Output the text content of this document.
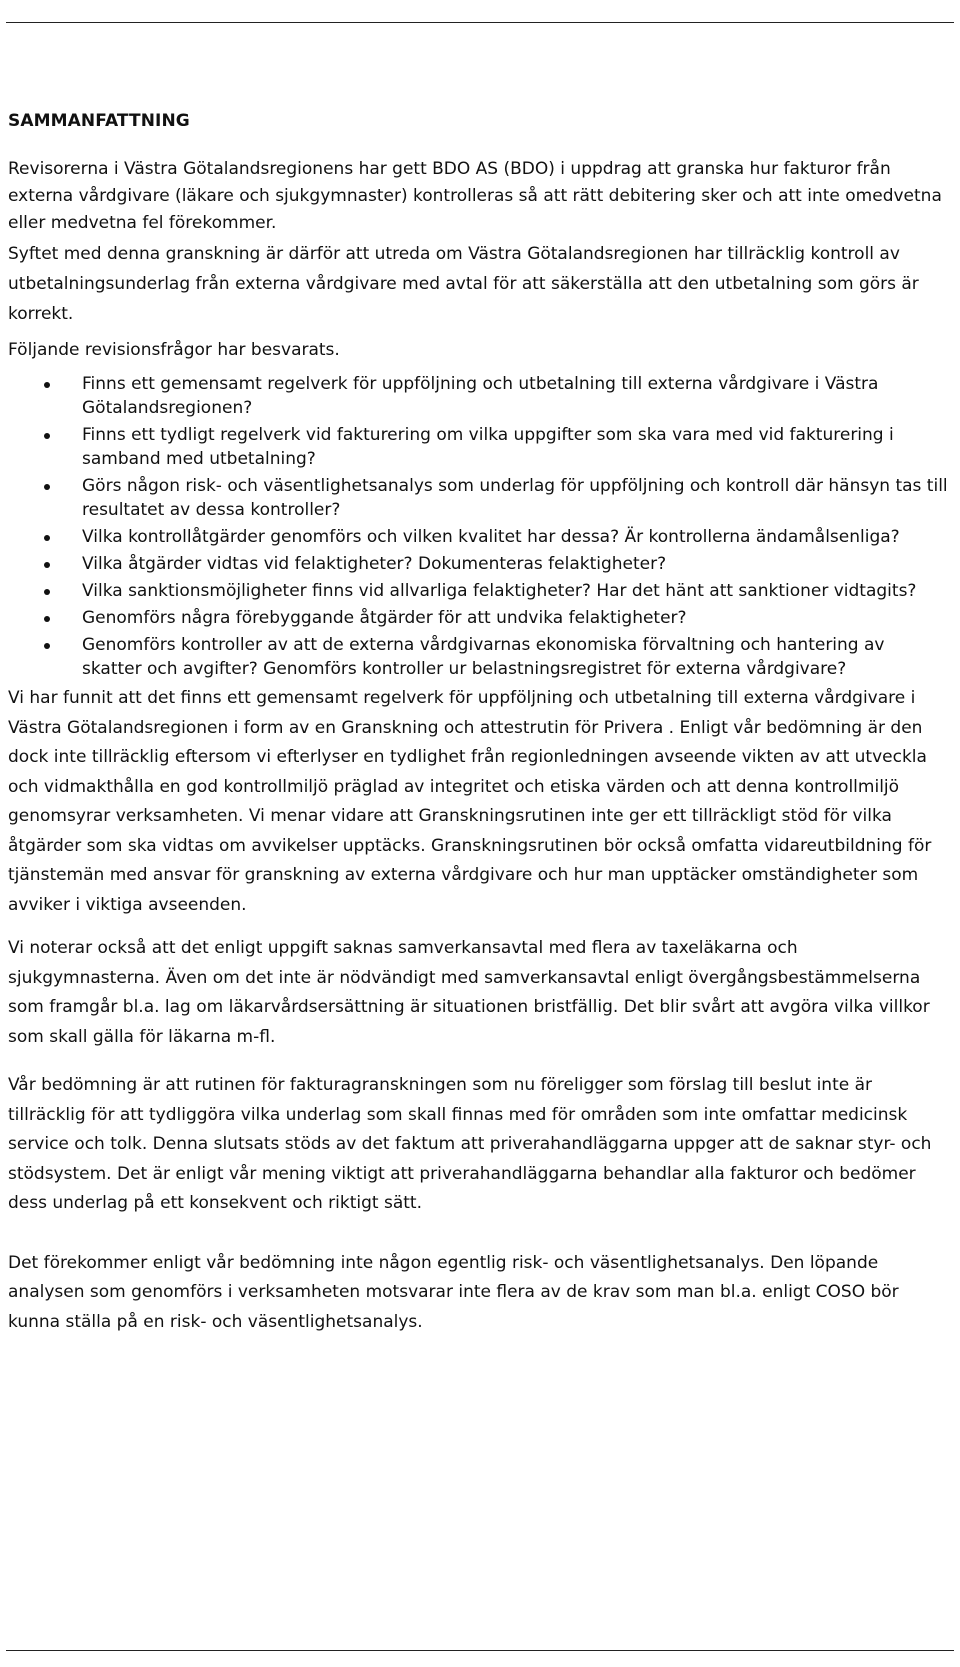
SAMMANFATTNING

Revisorerna i Västra Götalandsregionens har gett BDO AS (BDO) i uppdrag att granska hur fakturor från externa vårdgivare (läkare och sjukgymnaster) kontrolleras så att rätt debitering sker och att inte omedvetna eller medvetna fel förekommer.

Syftet med denna granskning är därför att utreda om Västra Götalandsregionen har tillräcklig kontroll av utbetalningsunderlag från externa vårdgivare med avtal för att säkerställa att den utbetalning som görs är korrekt.

Följande revisionsfrågor har besvarats.

Finns ett gemensamt regelverk för uppföljning och utbetalning till externa vårdgivare i Västra Götalandsregionen?
Finns ett tydligt regelverk vid fakturering om vilka uppgifter som ska vara med vid fakturering i samband med utbetalning?
Görs någon risk- och väsentlighetsanalys som underlag för uppföljning och kontroll där hänsyn tas till resultatet av dessa kontroller?
Vilka kontrollåtgärder genomförs och vilken kvalitet har dessa? Är kontrollerna ändamålsenliga?
Vilka åtgärder vidtas vid felaktigheter? Dokumenteras felaktigheter?
Vilka sanktionsmöjligheter finns vid allvarliga felaktigheter? Har det hänt att sanktioner vidtagits?
Genomförs några förebyggande åtgärder för att undvika felaktigheter?
Genomförs kontroller av att de externa vårdgivarnas ekonomiska förvaltning och hantering av skatter och avgifter? Genomförs kontroller ur belastningsregistret för externa vårdgivare?

Vi har funnit att det finns ett gemensamt regelverk för uppföljning och utbetalning till externa vårdgivare i Västra Götalandsregionen i form av en Granskning och attestrutin för Privera . Enligt vår bedömning är den dock inte tillräcklig eftersom vi efterlyser en tydlighet från regionledningen avseende vikten av att utveckla och vidmakthålla en god kontrollmiljö präglad av integritet och etiska värden och att denna kontrollmiljö genomsyrar verksamheten. Vi menar vidare att Granskningsrutinen inte ger ett tillräckligt stöd för vilka åtgärder som ska vidtas om avvikelser upptäcks. Granskningsrutinen bör också omfatta vidareutbildning för tjänstemän med ansvar för granskning av externa vårdgivare och hur man upptäcker omständigheter som avviker i viktiga avseenden.

Vi noterar också att det enligt uppgift saknas samverkansavtal med flera av taxeläkarna och sjukgymnasterna. Även om det inte är nödvändigt med samverkansavtal enligt övergångsbestämmelserna som framgår bl.a. lag om läkarvårdsersättning är situationen bristfällig. Det blir svårt att avgöra vilka villkor som skall gälla för läkarna m-fl.

Vår bedömning är att rutinen för fakturagranskningen som nu föreligger som förslag till beslut inte är tillräcklig för att tydliggöra vilka underlag som skall finnas med för områden som inte omfattar medicinsk service och tolk. Denna slutsats stöds av det faktum att priverahandläggarna uppger att de saknar styr- och stödsystem. Det är enligt vår mening viktigt att priverahandläggarna behandlar alla fakturor och bedömer dess underlag på ett konsekvent och riktigt sätt.

Det förekommer enligt vår bedömning inte någon egentlig risk- och väsentlighetsanalys. Den löpande analysen som genomförs i verksamheten motsvarar inte flera av de krav som man bl.a. enligt COSO bör kunna ställa på en risk- och väsentlighetsanalys.
